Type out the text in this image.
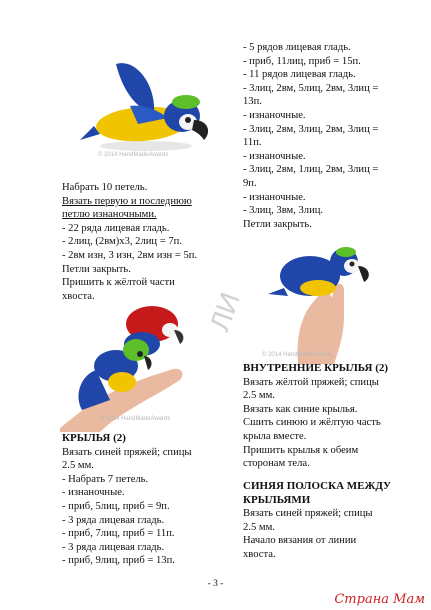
© 2014 HandMadeAwards
Набрать 10 петель.
Вязать первую и последнюю
петлю изнаночными.
- 22 ряда лицевая гладь.
- 2лиц, (2вм)х3, 2лиц = 7п.
- 2вм изн, 3 изн, 2вм изн = 5п.
Петли закрыть.
Пришить к жёлтой части
хвоста.
© 2014 HandMadeAwards
КРЫЛЬЯ (2)
Вязать синей пряжей; спицы
2.5 мм.
- Набрать 7 петель.
- изнаночные.
- приб, 5лиц, приб = 9п.
- 3 ряда лицевая гладь.
- приб, 7лиц, приб = 11п.
- 3 ряда лицевая гладь.
- приб, 9лиц, приб = 13п.
- 5 рядов лицевая гладь.
- приб, 11лиц, приб = 15п.
- 11 рядов лицевая гладь.
- 3лиц, 2вм, 5лиц, 2вм, 3лиц =
13п.
- изнаночные.
- 3лиц, 2вм, 3лиц, 2вм, 3лиц =
11п.
- изнаночные.
- 3лиц, 2вм, 1лиц, 2вм, 3лиц =
9п.
- изнаночные.
- 3лиц, 3вм, 3лиц.
Петли закрыть.
ЛИ
© 2014 HandMadeAwards
ВНУТРЕННИЕ КРЫЛЬЯ (2)
Вязать жёлтой пряжей; спицы
2.5 мм.
Вязать как синие крылья.
Сшить синюю и жёлтую часть
крыла вместе.
Пришить крылья к обеим
сторонам тела.
СИНЯЯ ПОЛОСКА МЕЖДУ
КРЫЛЬЯМИ
Вязать синей пряжей; спицы
2.5 мм.
Начало вязания от линии
хвоста.
- 3 -
Страна Мам
